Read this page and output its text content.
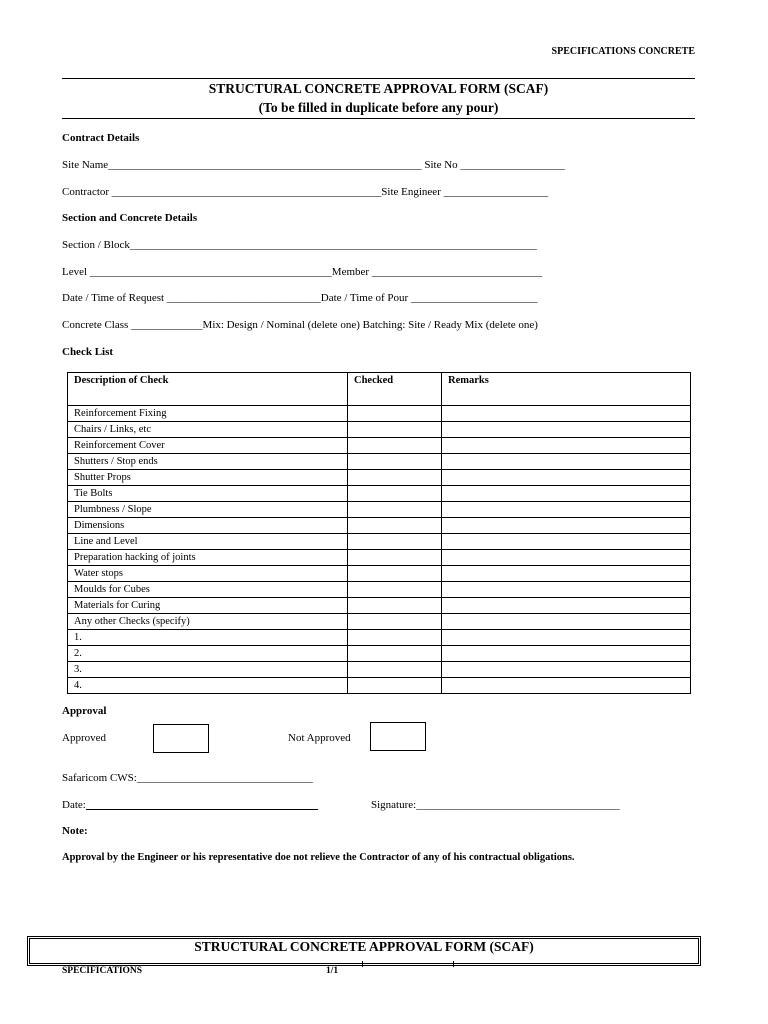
SPECIFICATIONS CONCRETE
STRUCTURAL CONCRETE APPROVAL FORM (SCAF)
(To be filled in duplicate before any pour)
Contract Details
Site Name_________________________________________________________ Site No ___________________
Contractor _________________________________________________Site Engineer ___________________
Section and Concrete Details
Section / Block__________________________________________________________________________
Level ____________________________________________Member _______________________________
Date / Time of Request ____________________________Date / Time of Pour _______________________
Concrete Class _____________Mix: Design / Nominal (delete one) Batching: Site / Ready Mix (delete one)
Check List
Description of Check	Checked	Remarks
Reinforcement Fixing		
Chairs / Links, etc		
Reinforcement Cover		
Shutters / Stop ends		
Shutter Props		
Tie Bolts		
Plumbness / Slope		
Dimensions		
Line and Level		
Preparation hacking of joints		
Water stops		
Moulds for Cubes		
Materials for Curing		
Any other Checks (specify)		
1.		
2.		
3.		
4.		
Approval
Approved	Not Approved
Safaricom CWS:________________________________
Date:	Signature:_____________________________________
Note:
Approval by the Engineer or his representative doe not relieve the Contractor of any of his contractual obligations.
STRUCTURAL CONCRETE APPROVAL FORM (SCAF)
SPECIFICATIONS	1/1
